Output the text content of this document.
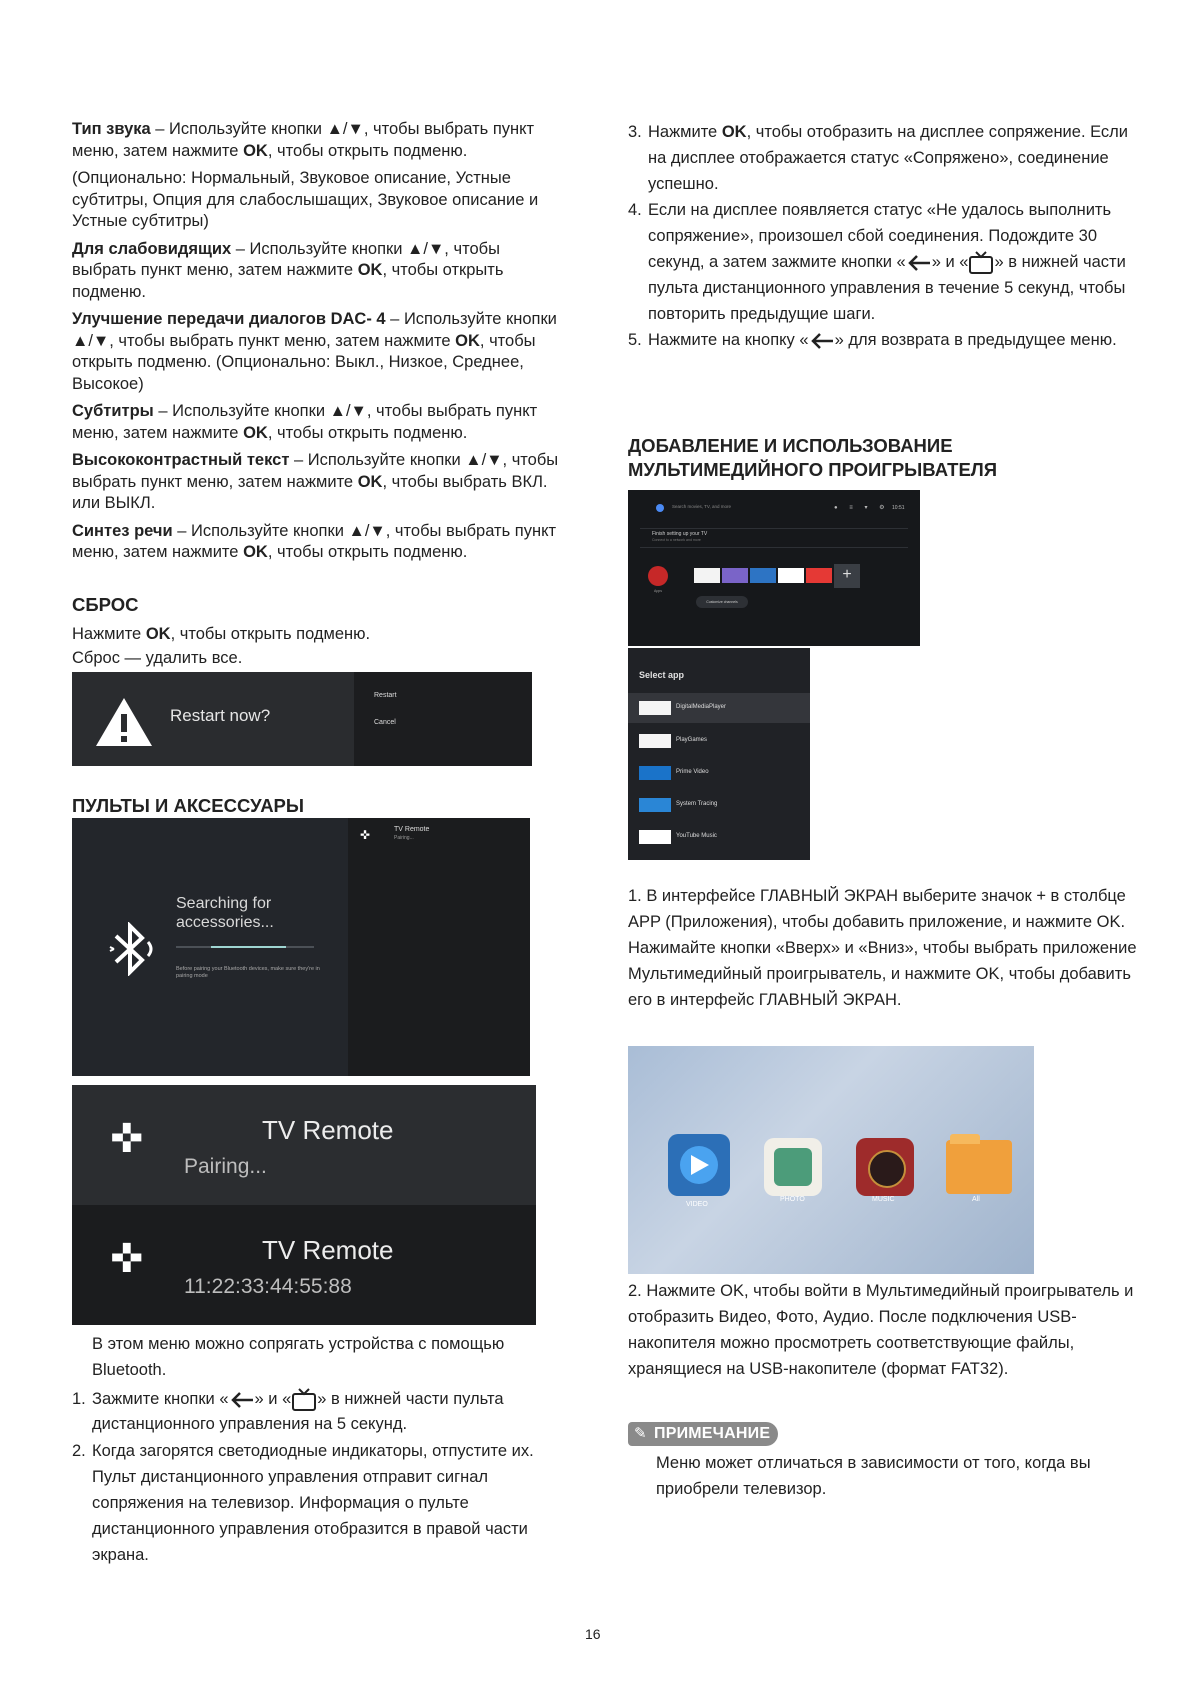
Тип звука – Используйте кнопки ▲/▼, чтобы выбрать пункт меню, затем нажмите OK, чтобы открыть подменю.

(Опционально: Нормальный, Звуковое описание, Устные субтитры, Опция для слабослышащих, Звуковое описание и Устные субтитры)

Для слабовидящих – Используйте кнопки ▲/▼, чтобы выбрать пункт меню, затем нажмите OK, чтобы открыть подменю.

Улучшение передачи диалогов DAC- 4 – Используйте кнопки ▲/▼, чтобы выбрать пункт меню, затем нажмите OK, чтобы открыть подменю. (Опционально: Выкл., Низкое, Среднее, Высокое)

Субтитры – Используйте кнопки ▲/▼, чтобы выбрать пункт меню, затем нажмите OK, чтобы открыть подменю.

Высококонтрастный текст – Используйте кнопки ▲/▼, чтобы выбрать пункт меню, затем нажмите OK, чтобы выбрать ВКЛ. или ВЫКЛ.

Синтез речи – Используйте кнопки ▲/▼, чтобы выбрать пункт меню, затем нажмите OK, чтобы открыть подменю.

СБРОС
Нажмите OK, чтобы открыть подменю.
Сброс — удалить все.
Restart now?
Restart
Cancel
ПУЛЬТЫ И АКСЕССУАРЫ
Searching for accessories...
Before pairing your Bluetooth devices, make sure they're in pairing mode
✜	TV Remote
Pairing...
✜	TV Remote
Pairing...
✜	TV Remote
11:22:33:44:55:88
В этом меню можно сопрягать устройства с помощью Bluetooth.
1. Зажмите кнопки « » и « » в нижней части пульта дистанционного управления на 5 секунд.
2. Когда загорятся светодиодные индикаторы, отпустите их. Пульт дистанционного управления отправит сигнал сопряжения на телевизор. Информация о пульте дистанционного управления отобразится в правой части экрана.
3. Нажмите OK, чтобы отобразить на дисплее сопряжение. Если на дисплее отображается статус «Сопряжено», соединение успешно.
4. Если на дисплее появляется статус «Не удалось выполнить сопряжение», произошел сбой соединения. Подождите 30 секунд, а затем зажмите кнопки « » и « » в нижней части пульта дистанционного управления в течение 5 секунд, чтобы повторить предыдущие шаги.
5. Нажмите на кнопку « » для возврата в предыдущее меню.
ДОБАВЛЕНИЕ И ИСПОЛЬЗОВАНИЕ МУЛЬТИМЕДИЙНОГО ПРОИГРЫВАТЕЛЯ
Search movies, TV, and more	● ≡ ▾ ⚙ 10:51
Finish setting up your TV
Connect to a network and more
Apps
+
Customize channels
Select app
DigitalMediaPlayer
PlayGames
Prime Video
System Tracing
YouTube Music
1. В интерфейсе ГЛАВНЫЙ ЭКРАН выберите значок + в столбце APP (Приложения), чтобы добавить приложение, и нажмите OK. Нажимайте кнопки «Вверх» и «Вниз», чтобы выбрать приложение Мультимедийный проигрыватель, и нажмите OK, чтобы добавить его в интерфейс ГЛАВНЫЙ ЭКРАН.
VIDEO
PHOTO	MUSIC	All
2. Нажмите OK, чтобы войти в Мультимедийный проигрыватель и отобразить Видео, Фото, Аудио. После подключения USB-накопителя можно просмотреть соответствующие файлы, хранящиеся на USB-накопителе (формат FAT32).
✎ ПРИМЕЧАНИЕ
Меню может отличаться в зависимости от того, когда вы приобрели телевизор.
16
